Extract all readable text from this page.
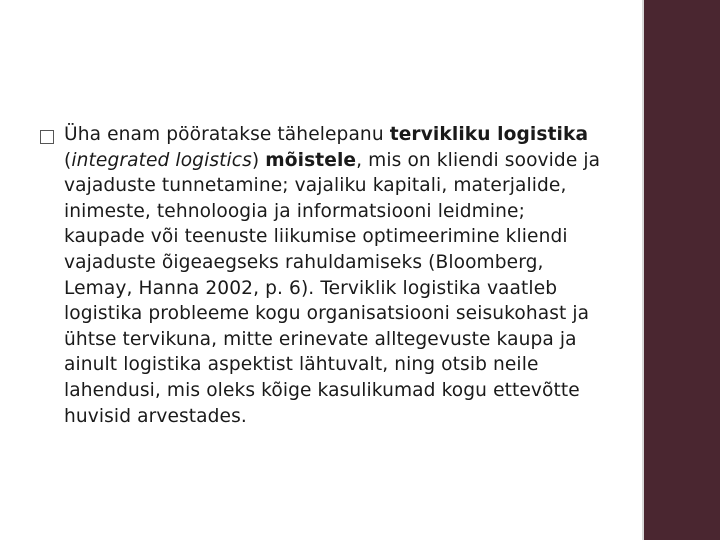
Üha enam pööratakse tähelepanu tervikliku logistika (integrated logistics) mõistele, mis on kliendi soovide ja vajaduste tunnetamine; vajaliku kapitali, materjalide, inimeste, tehnoloogia ja informatsiooni leidmine; kaupade või teenuste liikumise optimeerimine kliendi vajaduste õigeaegseks rahuldamiseks (Bloomberg, Lemay, Hanna 2002, p. 6). Terviklik logistika vaatleb logistika probleeme kogu organisatsiooni seisukohast ja ühtse tervikuna, mitte erinevate alltegevuste kaupa ja ainult logistika aspektist lähtuvalt, ning otsib neile lahendusi, mis oleks kõige kasulikumad kogu ettevõtte huvisid arvestades.
